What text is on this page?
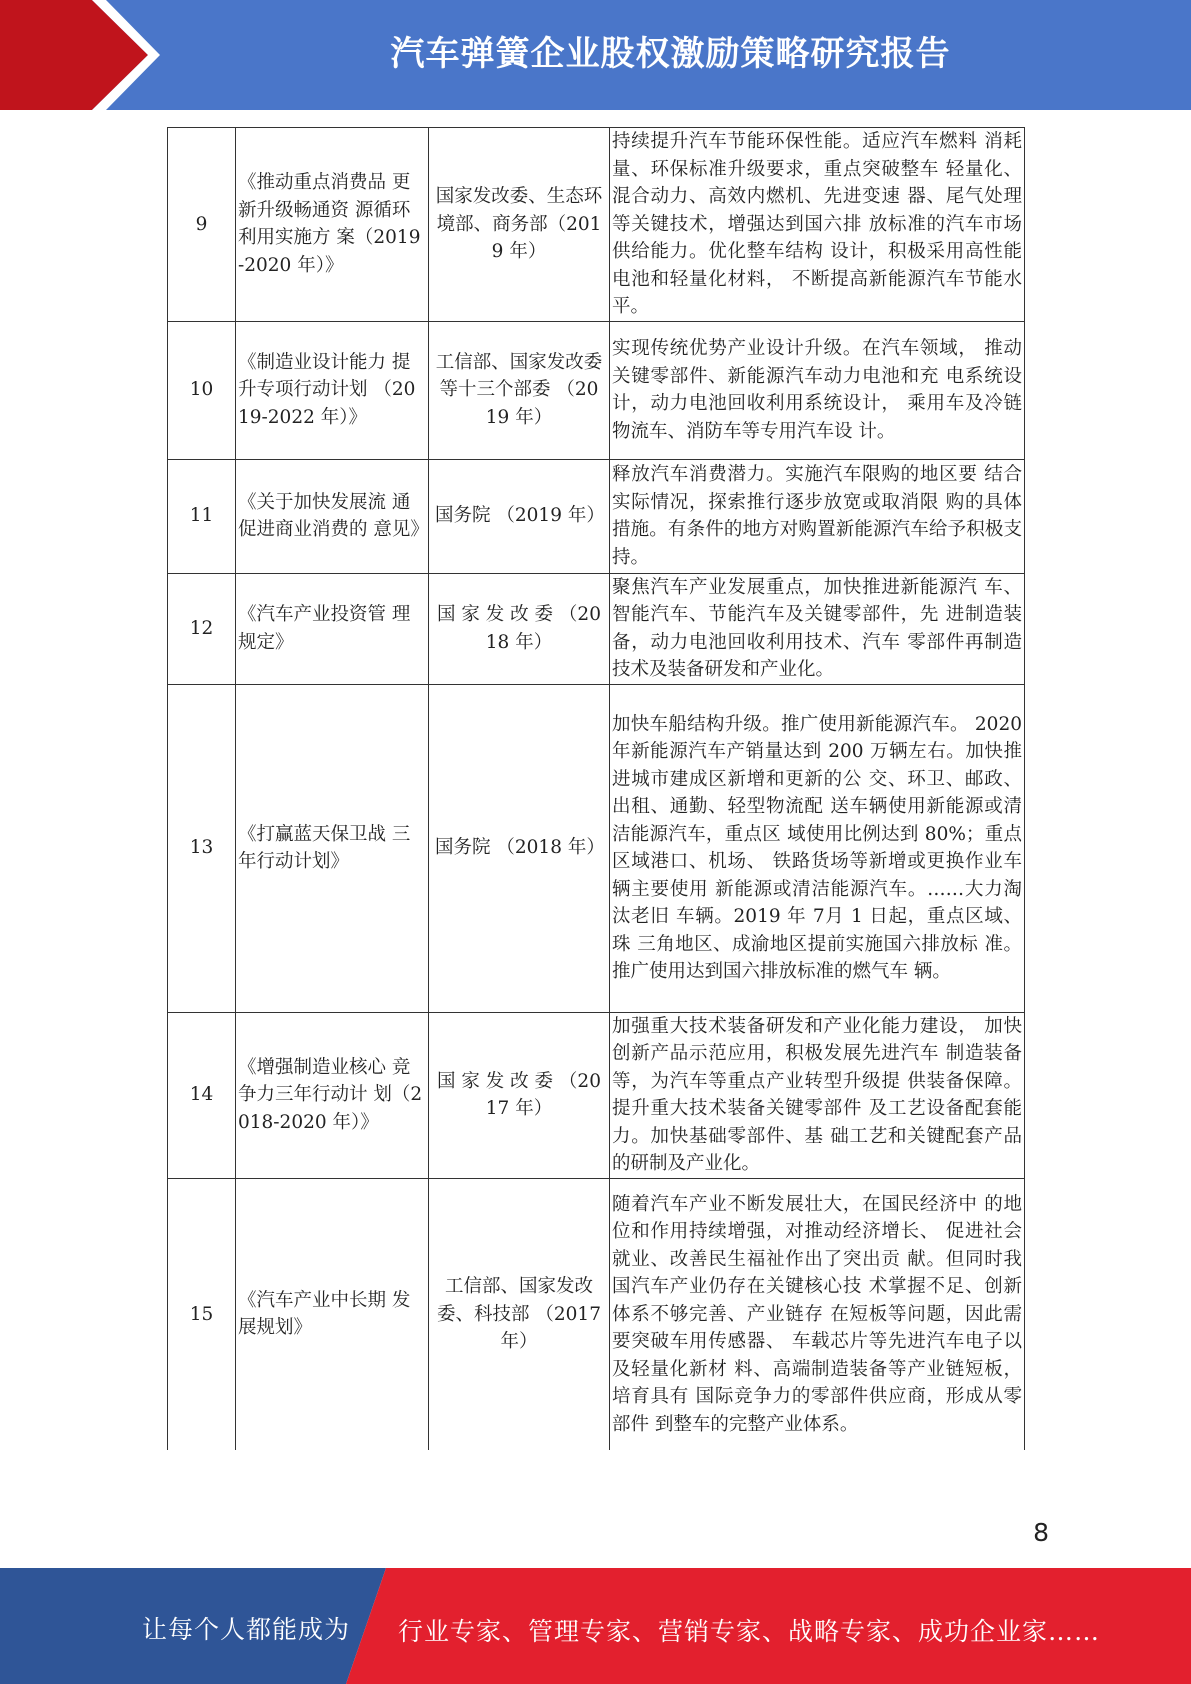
汽车弹簧企业股权激励策略研究报告
9	《推动重点消费品 更新升级畅通资 源循环利用实施方 案（2019-2020 年）》	国家发改委、生态环境部、商务部（2019 年）	持续提升汽车节能环保性能。适应汽车燃料 消耗量、环保标准升级要求，重点突破整车 轻量化、混合动力、高效内燃机、先进变速 器、尾气处理等关键技术，增强达到国六排 放标准的汽车市场供给能力。优化整车结构 设计，积极采用高性能电池和轻量化材料， 不断提高新能源汽车节能水平。
10	《制造业设计能力 提升专项行动计划 （2019-2022 年）》	工信部、国家发改委等十三个部委 （2019 年）	实现传统优势产业设计升级。在汽车领域， 推动关键零部件、新能源汽车动力电池和充 电系统设计，动力电池回收利用系统设计， 乘用车及冷链物流车、消防车等专用汽车设 计。
11	《关于加快发展流 通促进商业消费的 意见》	国务院 （2019 年）	释放汽车消费潜力。实施汽车限购的地区要 结合实际情况，探索推行逐步放宽或取消限 购的具体措施。有条件的地方对购置新能源汽车给予积极支持。
12	《汽车产业投资管 理规定》	国 家 发 改 委 （2018 年）	聚焦汽车产业发展重点，加快推进新能源汽 车、智能汽车、节能汽车及关键零部件，先 进制造装备，动力电池回收利用技术、汽车 零部件再制造技术及装备研发和产业化。
13	《打赢蓝天保卫战 三年行动计划》	国务院 （2018 年）	加快车船结构升级。推广使用新能源汽车。 2020 年新能源汽车产销量达到 200 万辆左右。加快推进城市建成区新增和更新的公 交、环卫、邮政、出租、通勤、轻型物流配 送车辆使用新能源或清洁能源汽车，重点区 域使用比例达到 80%；重点区域港口、机场、 铁路货场等新增或更换作业车辆主要使用 新能源或清洁能源汽车。……大力淘汰老旧 车辆。2019 年 7月 1 日起，重点区域、珠 三角地区、成渝地区提前实施国六排放标 准。推广使用达到国六排放标准的燃气车 辆。
14	《增强制造业核心 竞争力三年行动计 划（2018-2020 年）》	国 家 发 改 委 （2017 年）	加强重大技术装备研发和产业化能力建设， 加快创新产品示范应用，积极发展先进汽车 制造装备等，为汽车等重点产业转型升级提 供装备保障。提升重大技术装备关键零部件 及工艺设备配套能力。加快基础零部件、基 础工艺和关键配套产品的研制及产业化。
15	《汽车产业中长期 发展规划》	工信部、国家发改委、科技部 （2017 年）	随着汽车产业不断发展壮大，在国民经济中 的地位和作用持续增强，对推动经济增长、 促进社会就业、改善民生福祉作出了突出贡 献。但同时我国汽车产业仍存在关键核心技 术掌握不足、创新体系不够完善、产业链存 在短板等问题，因此需要突破车用传感器、 车载芯片等先进汽车电子以及轻量化新材 料、高端制造装备等产业链短板，培育具有 国际竞争力的零部件供应商，形成从零部件 到整车的完整产业体系。
8
让每个人都能成为 行业专家、管理专家、营销专家、战略专家、成功企业家……
